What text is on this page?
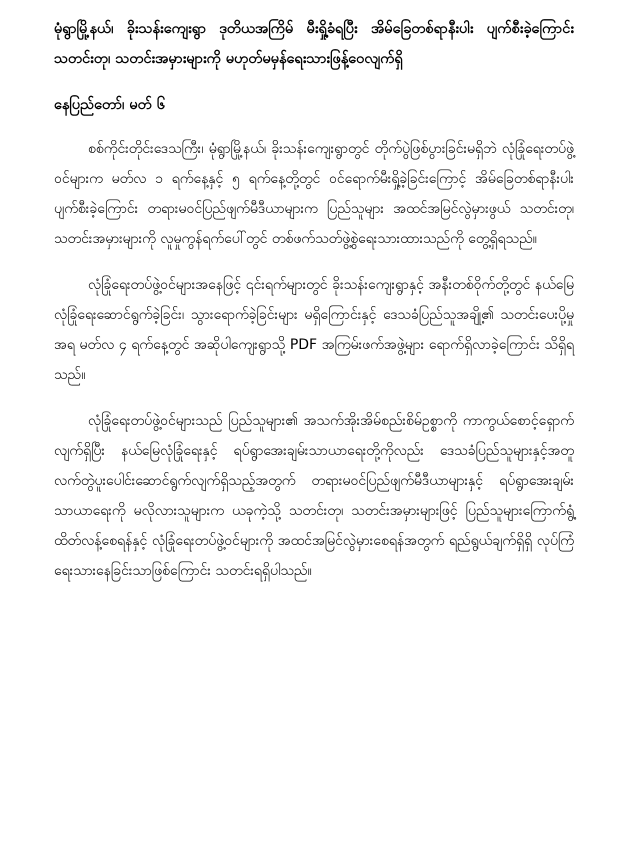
မုံရွာမြို့နယ်၊ ခိုးသန်းကျေးရွာ ဒုတိယအကြိမ် မီးရှို့ခံရပြီး အိမ်ခြေတစ်ရာနီးပါး ပျက်စီးခဲ့ကြောင်း သတင်းတု၊ သတင်းအမှားများကို မဟုတ်မမှန်ရေးသားဖြန့်ဝေလျက်ရှိ
နေပြည်တော်၊ မတ် ၆

စစ်ကိုင်းတိုင်းဒေသကြီး၊ မုံရွာမြို့နယ်၊ ခိုးသန်းကျေးရွာတွင် တိုက်ပွဲဖြစ်ပွားခြင်းမရှိဘဲ လုံခြုံရေးတပ်ဖွဲ့ဝင်များက မတ်လ ၁ ရက်နေ့နှင့် ၅ ရက်နေ့တို့တွင် ဝင်ရောက်မီးရှို့ခဲ့ခြင်းကြောင့် အိမ်ခြေတစ်ရာနီးပါးပျက်စီးခဲ့ကြောင်း တရားမဝင်ပြည်ဖျက်မီဒီယာများက ပြည်သူများ အထင်အမြင်လွဲမှားဖွယ် သတင်းတု၊ သတင်းအမှားများကို လူမှုကွန်ရက်ပေါ်တွင် တစ်ဖက်သတ်ဖွဲ့စွဲရေးသားထားသည်ကို တွေ့ရှိရသည်။

လုံခြုံရေးတပ်ဖွဲ့ဝင်များအနေဖြင့် ၎င်းရက်များတွင် ခိုးသန်းကျေးရွာနှင့် အနီးတစ်ဝိုက်တို့တွင် နယ်မြေလုံခြုံရေးဆောင်ရွက်ခဲ့ခြင်း၊ သွားရောက်ခဲ့ခြင်းများ မရှိကြောင်းနှင့် ဒေသခံပြည်သူအချို့၏ သတင်းပေးပို့မှုအရ မတ်လ ၄ ရက်နေ့တွင် အဆိုပါကျေးရွာသို့ PDF အကြမ်းဖက်အဖွဲ့များ ရောက်ရှိလာခဲ့ကြောင်း သိရှိရသည်။

လုံခြုံရေးတပ်ဖွဲ့ဝင်များသည် ပြည်သူများ၏ အသက်အိုးအိမ်စည်းစိမ်ဥစ္စာကို ကာကွယ်စောင့်ရှောက်လျက်ရှိပြီး နယ်မြေလုံခြုံရေးနှင့် ရပ်ရွာအေးချမ်းသာယာရေးတို့ကိုလည်း ဒေသခံပြည်သူများနှင့်အတူ လက်တွဲပူးပေါင်းဆောင်ရွက်လျက်ရှိသည့်အတွက် တရားမဝင်ပြည်ဖျက်မီဒီယာများနှင့် ရပ်ရွာအေးချမ်းသာယာရေးကို မလိုလားသူများက ယခုကဲ့သို့ သတင်းတု၊ သတင်းအမှားများဖြင့် ပြည်သူများကြောက်ရွံ့ထိတ်လန့်စေရန်နှင့် လုံခြုံရေးတပ်ဖွဲ့ဝင်များကို အထင်အမြင်လွဲမှားစေရန်အတွက် ရည်ရွယ်ချက်ရှိရှိ လုပ်ကြံရေးသားနေခြင်းသာဖြစ်ကြောင်း သတင်းရရှိပါသည်။
